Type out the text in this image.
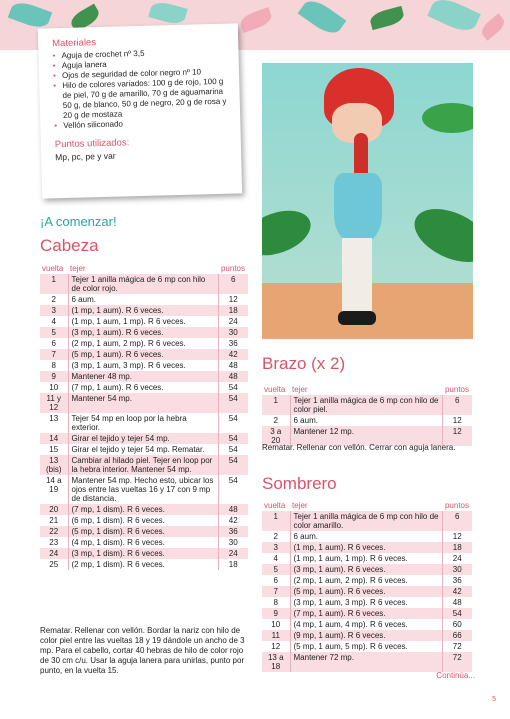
Materiales
• Aguja de crochet nº 3,5
• Aguja lanera
• Ojos de seguridad de color negro nº 10
• Hilo de colores variados: 100 g de rojo, 100 g de piel, 70 g de amarillo, 70 g de aguamarina 50 g, de blanco, 50 g de negro, 20 g de rosa y 20 g de mostaza
• Vellón siliconado
Puntos utilizados:
Mp, pc, pe y var
¡A comenzar!
Cabeza
vuelta	tejer	puntos
1	Tejer 1 anilla mágica de 6 mp con hilo de color rojo.	6
2	6 aum.	12
3	(1 mp, 1 aum). R 6 veces.	18
4	(1 mp, 1 aum, 1 mp). R 6 veces.	24
5	(3 mp, 1 aum). R 6 veces.	30
6	(2 mp, 1 aum, 2 mp). R 6 veces.	36
7	(5 mp, 1 aum). R 6 veces.	42
8	(3 mp, 1 aum, 3 mp). R 6 veces.	48
9	Mantener 48 mp.	48
10	(7 mp, 1 aum). R 6 veces.	54
11 y 12	Mantener 54 mp.	54
13	Tejer 54 mp en loop por la hebra exterior.	54
14	Girar el tejido y tejer 54 mp.	54
15	Girar el tejido y tejer 54 mp. Rematar.	54
13 (bis)	Cambiar al hilado piel. Tejer en loop por la hebra interior. Mantener 54 mp.	54
14 a 19	Mantener 54 mp. Hecho esto, ubicar los ojos entre las vueltas 16 y 17 con 9 mp de distancia.	54
20	(7 mp, 1 dism). R 6 veces.	48
21	(6 mp, 1 dism). R 6 veces.	42
22	(5 mp, 1 dism). R 6 veces.	36
23	(4 mp, 1 dism). R 6 veces.	30
24	(3 mp, 1 dism). R 6 veces.	24
25	(2 mp, 1 dism). R 6 veces.	18
Rematar. Rellenar con vellón. Bordar la nariz con hilo de color piel entre las vueltas 18 y 19 dándole un ancho de 3 mp. Para el cabello, cortar 40 hebras de hilo de color rojo de 30 cm c/u. Usar la aguja lanera para unirlas, punto por punto, en la vuelta 15.
Brazo (x 2)
vuelta	tejer	puntos
1	Tejer 1 anilla mágica de 6 mp con hilo de color piel.	6
2	6 aum.	12
3 a 20	Mantener 12 mp.	12
Rematar. Rellenar con vellón. Cerrar con aguja lanera.
Sombrero
vuelta	tejer	puntos
1	Tejer 1 anilla mágica de 6 mp con hilo de color amarillo.	6
2	6 aum.	12
3	(1 mp, 1 aum). R 6 veces.	18
4	(1 mp, 1 aum, 1 mp). R 6 veces.	24
5	(3 mp, 1 aum). R 6 veces.	30
6	(2 mp, 1 aum, 2 mp). R 6 veces.	36
7	(5 mp, 1 aum). R 6 veces.	42
8	(3 mp, 1 aum, 3 mp). R 6 veces.	48
9	(7 mp, 1 aum). R 6 veces.	54
10	(4 mp, 1 aum, 4 mp). R 6 veces.	60
11	(9 mp, 1 aum). R 6 veces.	66
12	(5 mp, 1 aum, 5 mp). R 6 veces.	72
13 a 18	Mantener 72 mp.	72
Continúa...
5
